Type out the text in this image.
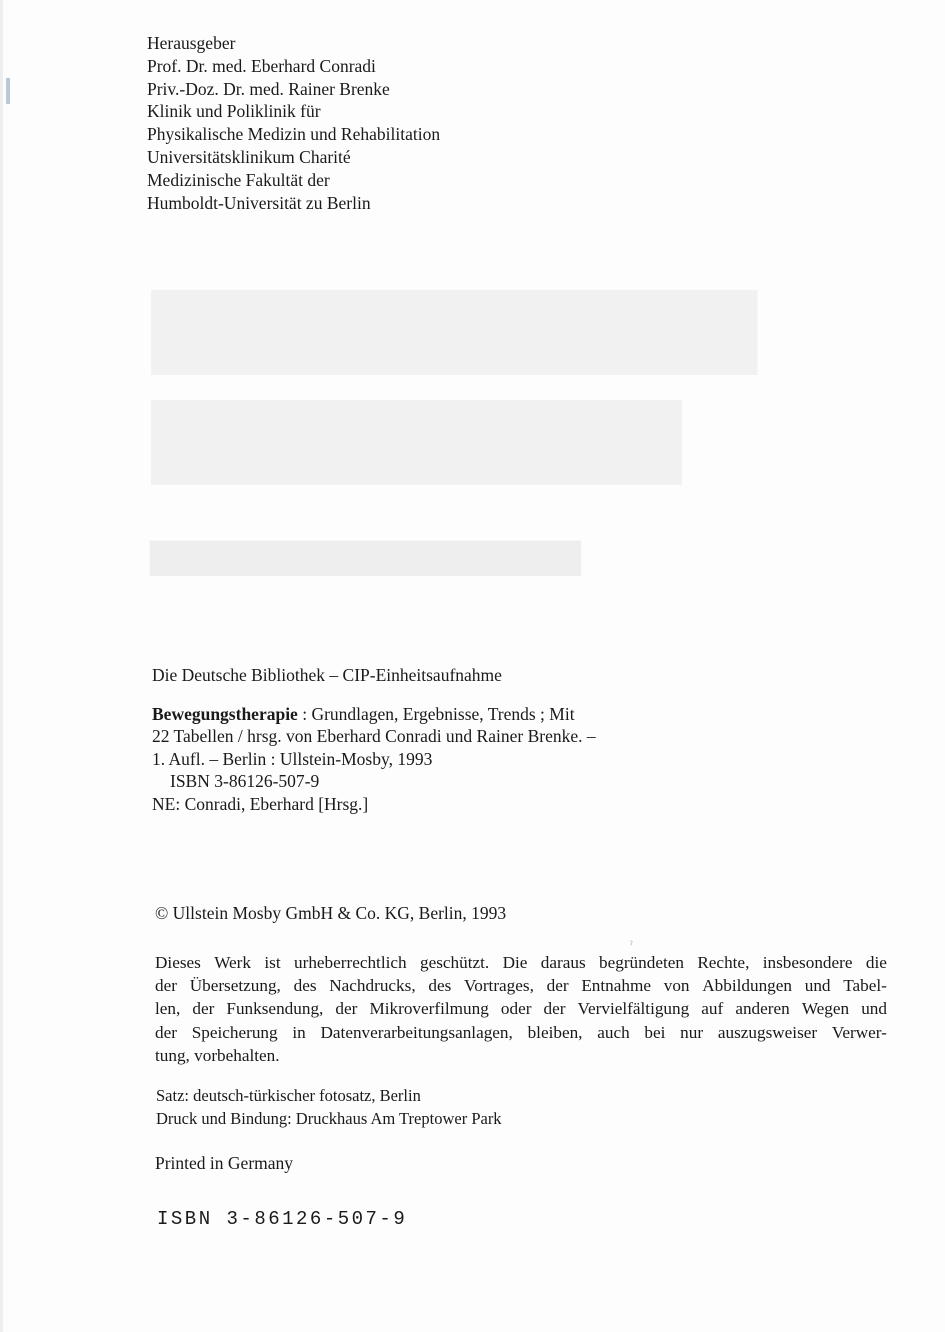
▆▆▆▆▆▆▆▆
▆▆▆▆▆▆▆
▆▆▆▆▆▆▆▆▆▆▆▆▆▆
Herausgeber
Prof. Dr. med. Eberhard Conradi
Priv.-Doz. Dr. med. Rainer Brenke
Klinik und Poliklinik für
Physikalische Medizin und Rehabilitation
Universitätsklinikum Charité
Medizinische Fakultät der
Humboldt-Universität zu Berlin
Die Deutsche Bibliothek – CIP-Einheitsaufnahme
Bewegungstherapie : Grundlagen, Ergebnisse, Trends ; Mit
22 Tabellen / hrsg. von Eberhard Conradi und Rainer Brenke. –
1. Aufl. – Berlin : Ullstein-Mosby, 1993
ISBN 3-86126-507-9
NE: Conradi, Eberhard [Hrsg.]
© Ullstein Mosby GmbH & Co. KG, Berlin, 1993
ˀ
Dieses Werk ist urheberrechtlich geschützt. Die daraus begründeten Rechte, insbesondere die
der Übersetzung, des Nachdrucks, des Vortrages, der Entnahme von Abbildungen und Tabel-
len, der Funksendung, der Mikroverfilmung oder der Vervielfältigung auf anderen Wegen und
der Speicherung in Datenverarbeitungsanlagen, bleiben, auch bei nur auszugsweiser Verwer-
tung, vorbehalten.
Satz: deutsch-türkischer fotosatz, Berlin
Druck und Bindung: Druckhaus Am Treptower Park
Printed in Germany
ISBN 3-86126-507-9
